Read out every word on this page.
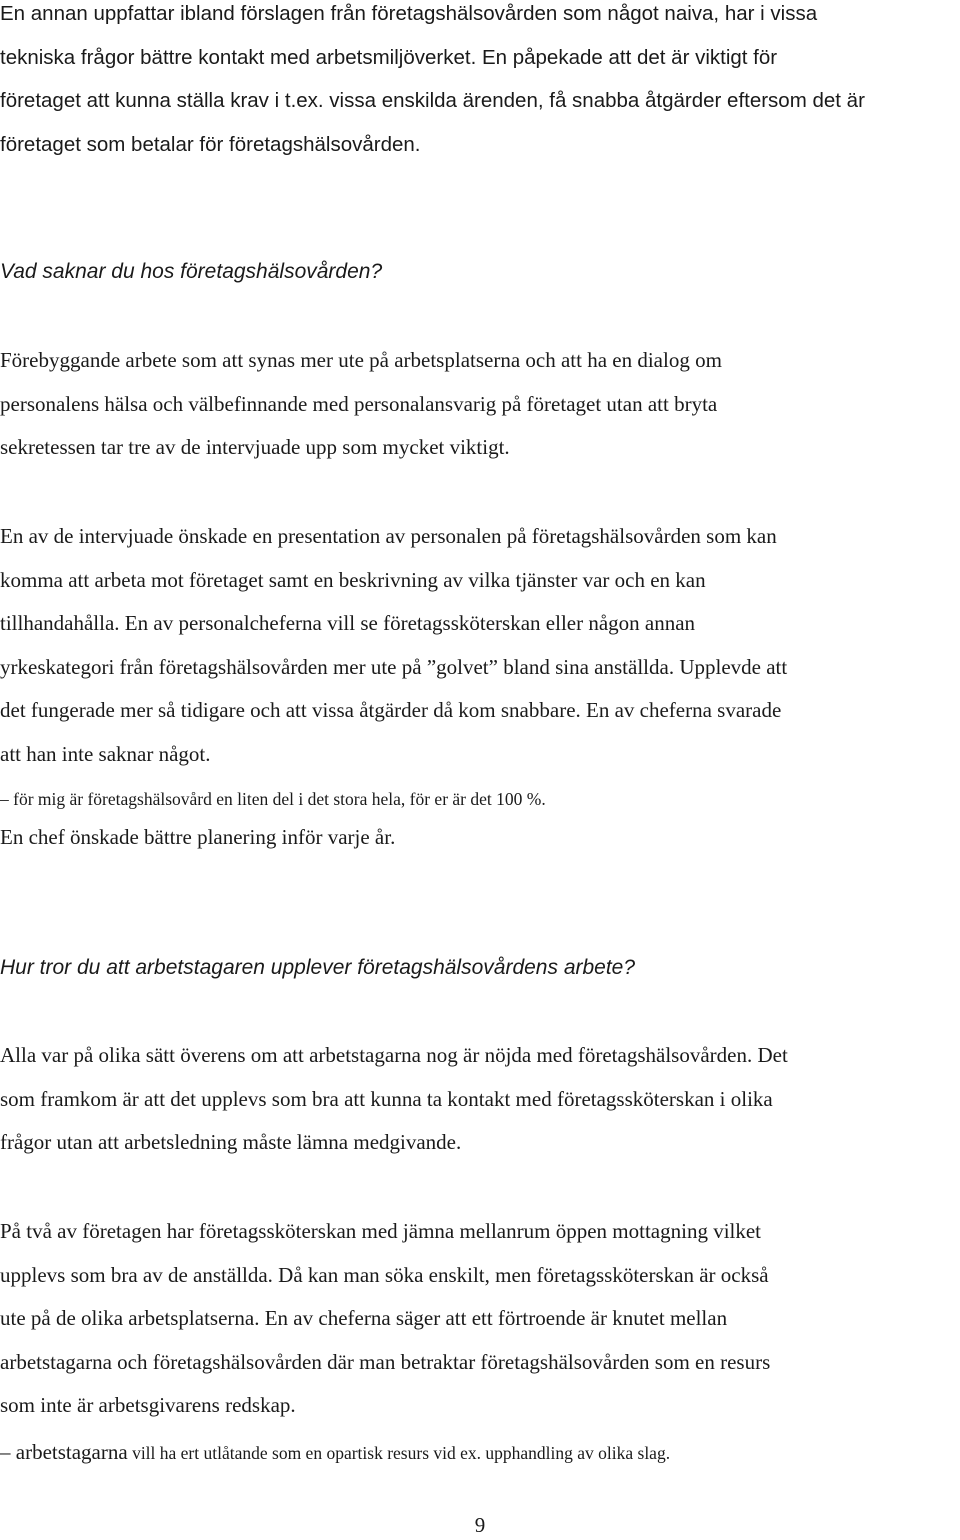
En annan uppfattar ibland förslagen från företagshälsovården som något naiva, har i vissa
tekniska frågor bättre kontakt med arbetsmiljöverket. En påpekade att det är viktigt för
företaget att kunna ställa krav i t.ex. vissa enskilda ärenden, få snabba åtgärder eftersom det är
företaget som betalar för företagshälsovården.
Vad saknar du hos företagshälsovården?
Förebyggande arbete som att synas mer ute på arbetsplatserna och att ha en dialog om
personalens hälsa och välbefinnande med personalansvarig på företaget utan att bryta
sekretessen tar tre av de intervjuade upp som mycket viktigt.
En av de intervjuade önskade en presentation av personalen på företagshälsovården som kan
komma att arbeta mot företaget samt en beskrivning av vilka tjänster var och en kan
tillhandahålla. En av personalcheferna vill se företagssköterskan eller någon annan
yrkeskategori från företagshälsovården mer ute på ”golvet” bland sina anställda. Upplevde att
det fungerade mer så tidigare och att vissa åtgärder då kom snabbare. En av cheferna svarade
att han inte saknar något.
– för mig är företagshälsovård en liten del i det stora hela, för er är det 100 %.
En chef önskade bättre planering inför varje år.
Hur tror du att arbetstagaren upplever företagshälsovårdens arbete?
Alla var på olika sätt överens om att arbetstagarna nog är nöjda med företagshälsovården. Det
som framkom är att det upplevs som bra att kunna ta kontakt med företagssköterskan i olika
frågor utan att arbetsledning måste lämna medgivande.
På två av företagen har företagssköterskan med jämna mellanrum öppen mottagning vilket
upplevs som bra av de anställda. Då kan man söka enskilt, men företagssköterskan är också
ute på de olika arbetsplatserna. En av cheferna säger att ett förtroende är knutet mellan
arbetstagarna och företagshälsovården där man betraktar företagshälsovården som en resurs
som inte är arbetsgivarens redskap.
– arbetstagarna vill ha ert utlåtande som en opartisk resurs vid ex. upphandling av olika slag.
9
